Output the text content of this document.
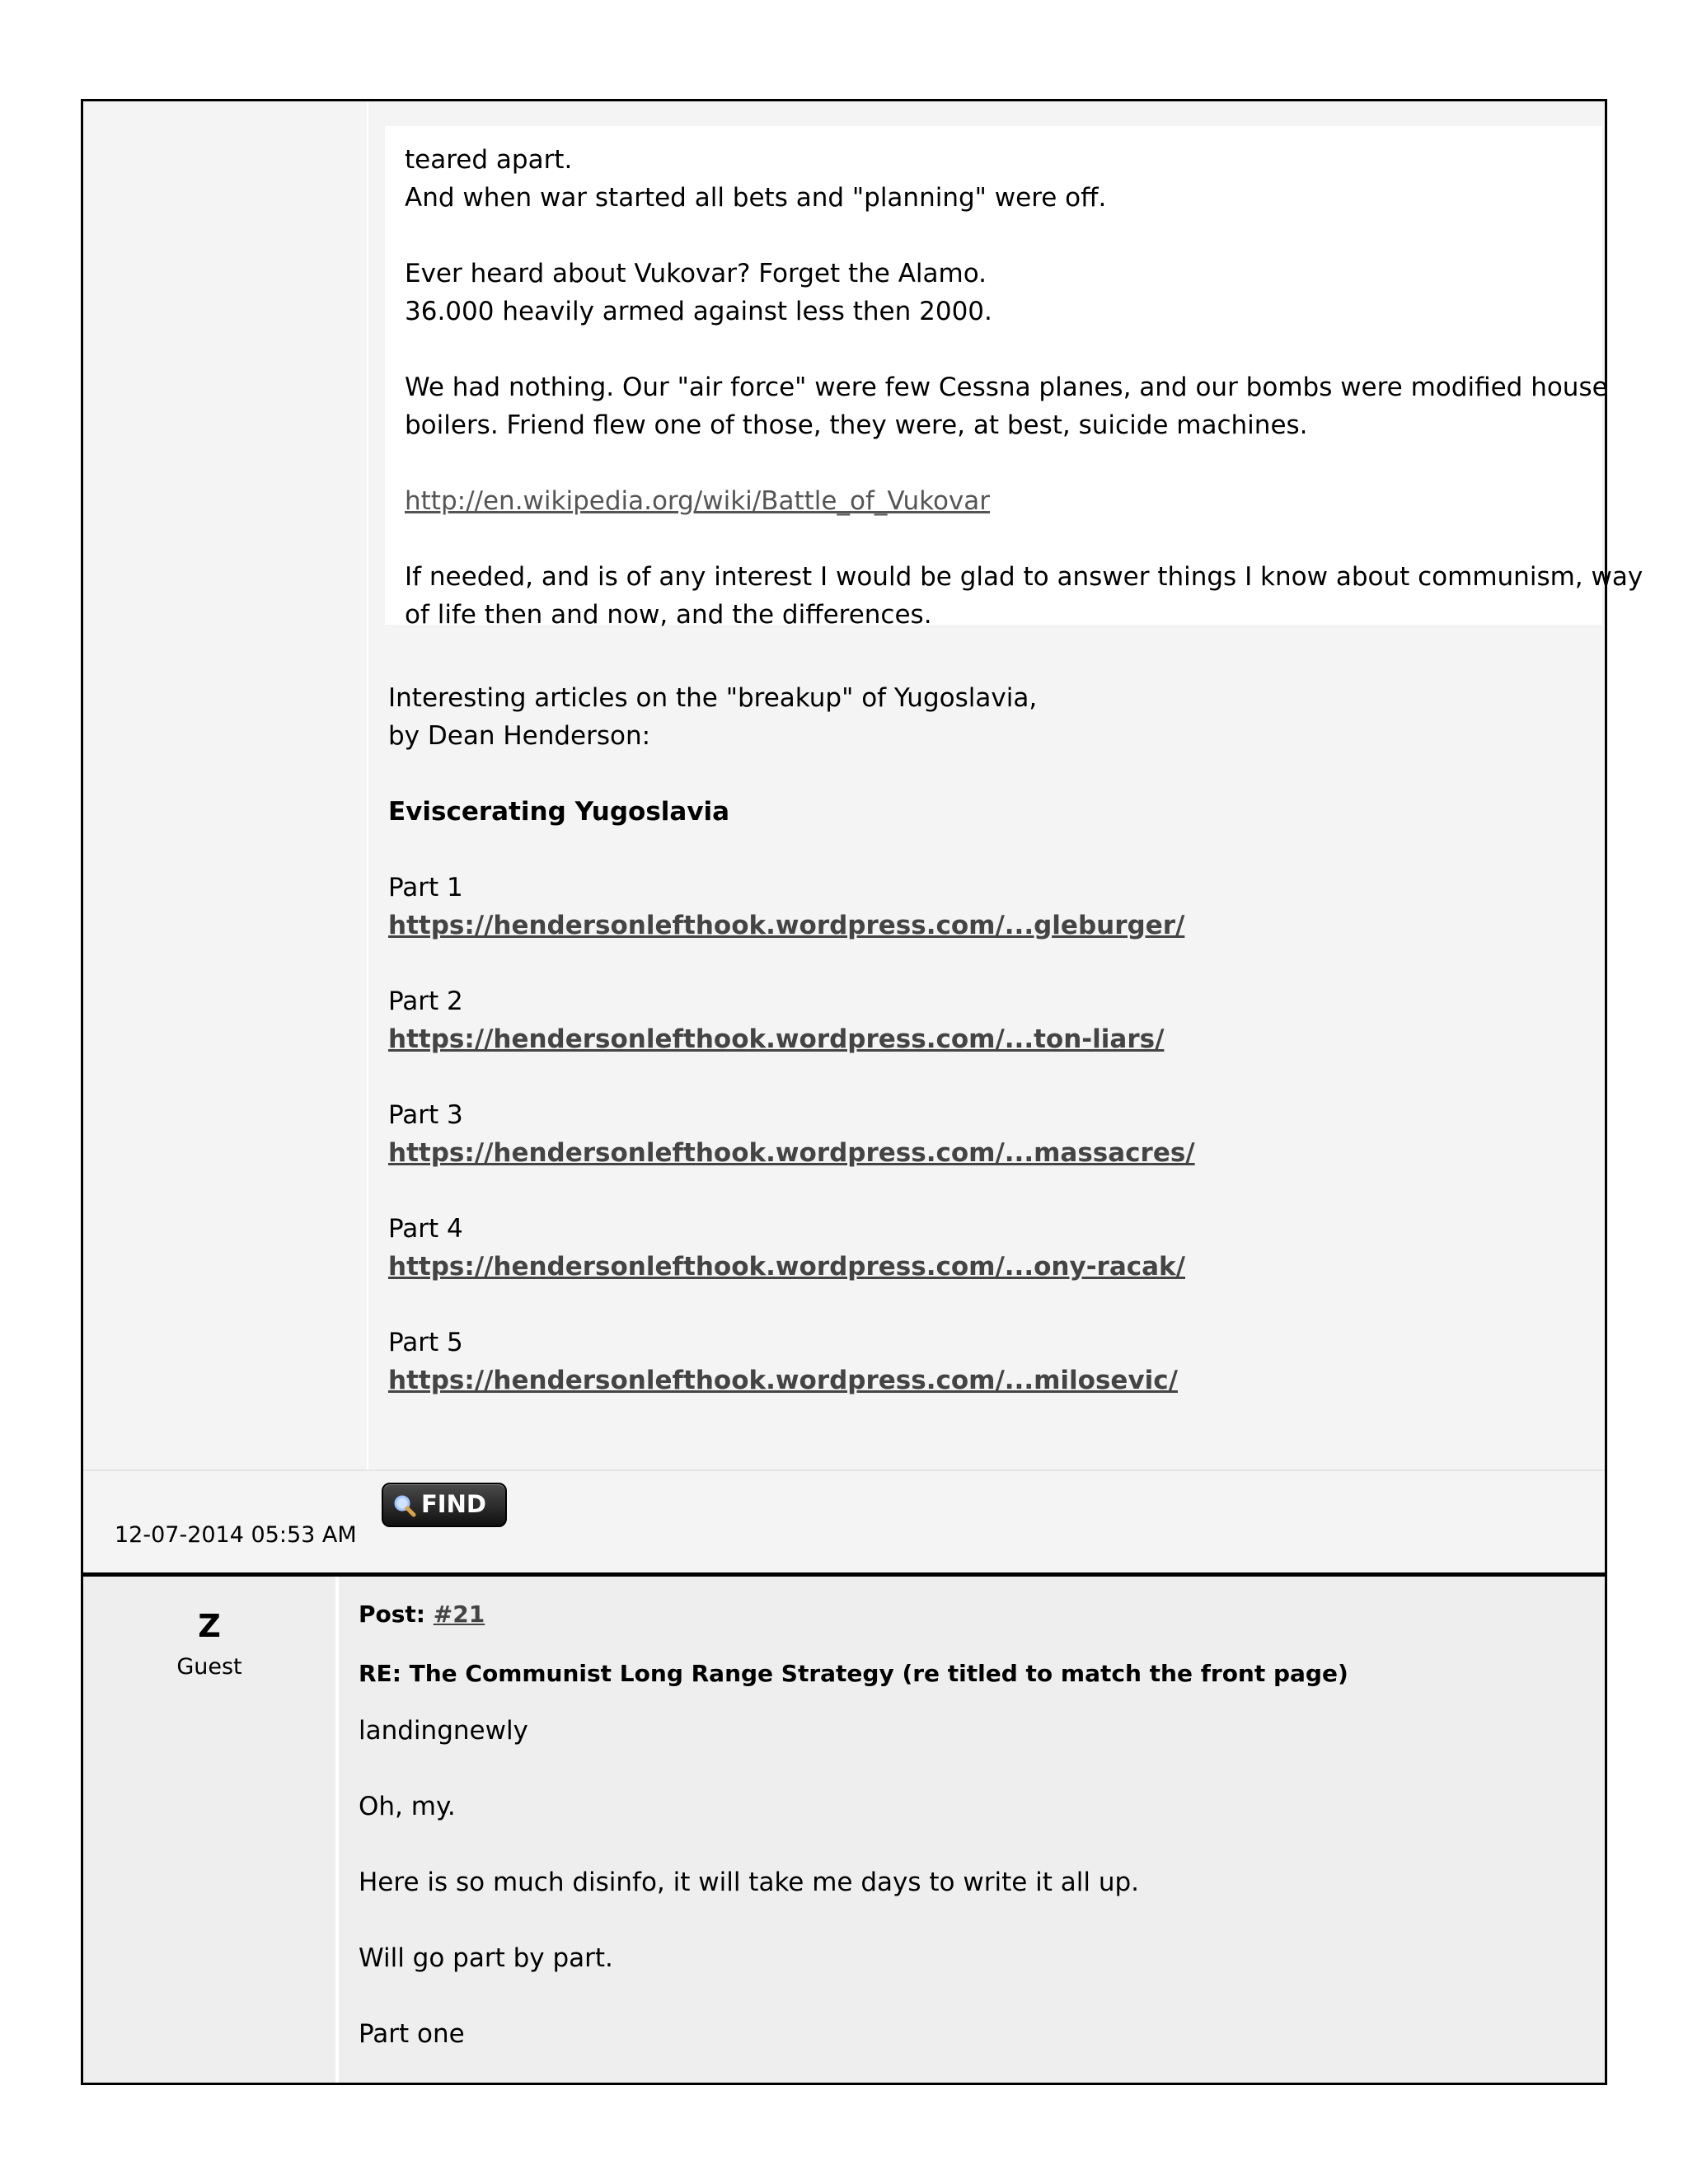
teared apart.
And when war started all bets and "planning" were off.
Ever heard about Vukovar? Forget the Alamo.
36.000 heavily armed against less then 2000.
We had nothing. Our "air force" were few Cessna planes, and our bombs were modified house
boilers. Friend flew one of those, they were, at best, suicide machines.
http://en.wikipedia.org/wiki/Battle_of_Vukovar
If needed, and is of any interest I would be glad to answer things I know about communism, way
of life then and now, and the differences.
Interesting articles on the "breakup" of Yugoslavia,
by Dean Henderson:
Eviscerating Yugoslavia
Part 1
https://hendersonlefthook.wordpress.com/...gleburger/
Part 2
https://hendersonlefthook.wordpress.com/...ton-liars/
Part 3
https://hendersonlefthook.wordpress.com/...massacres/
Part 4
https://hendersonlefthook.wordpress.com/...ony-racak/
Part 5
https://hendersonlefthook.wordpress.com/...milosevic/
12-07-2014 05:53 AM
FIND
Z
Guest
Post: #21
RE: The Communist Long Range Strategy (re titled to match the front page)
landingnewly
Oh, my.
Here is so much disinfo, it will take me days to write it all up.
Will go part by part.
Part one
